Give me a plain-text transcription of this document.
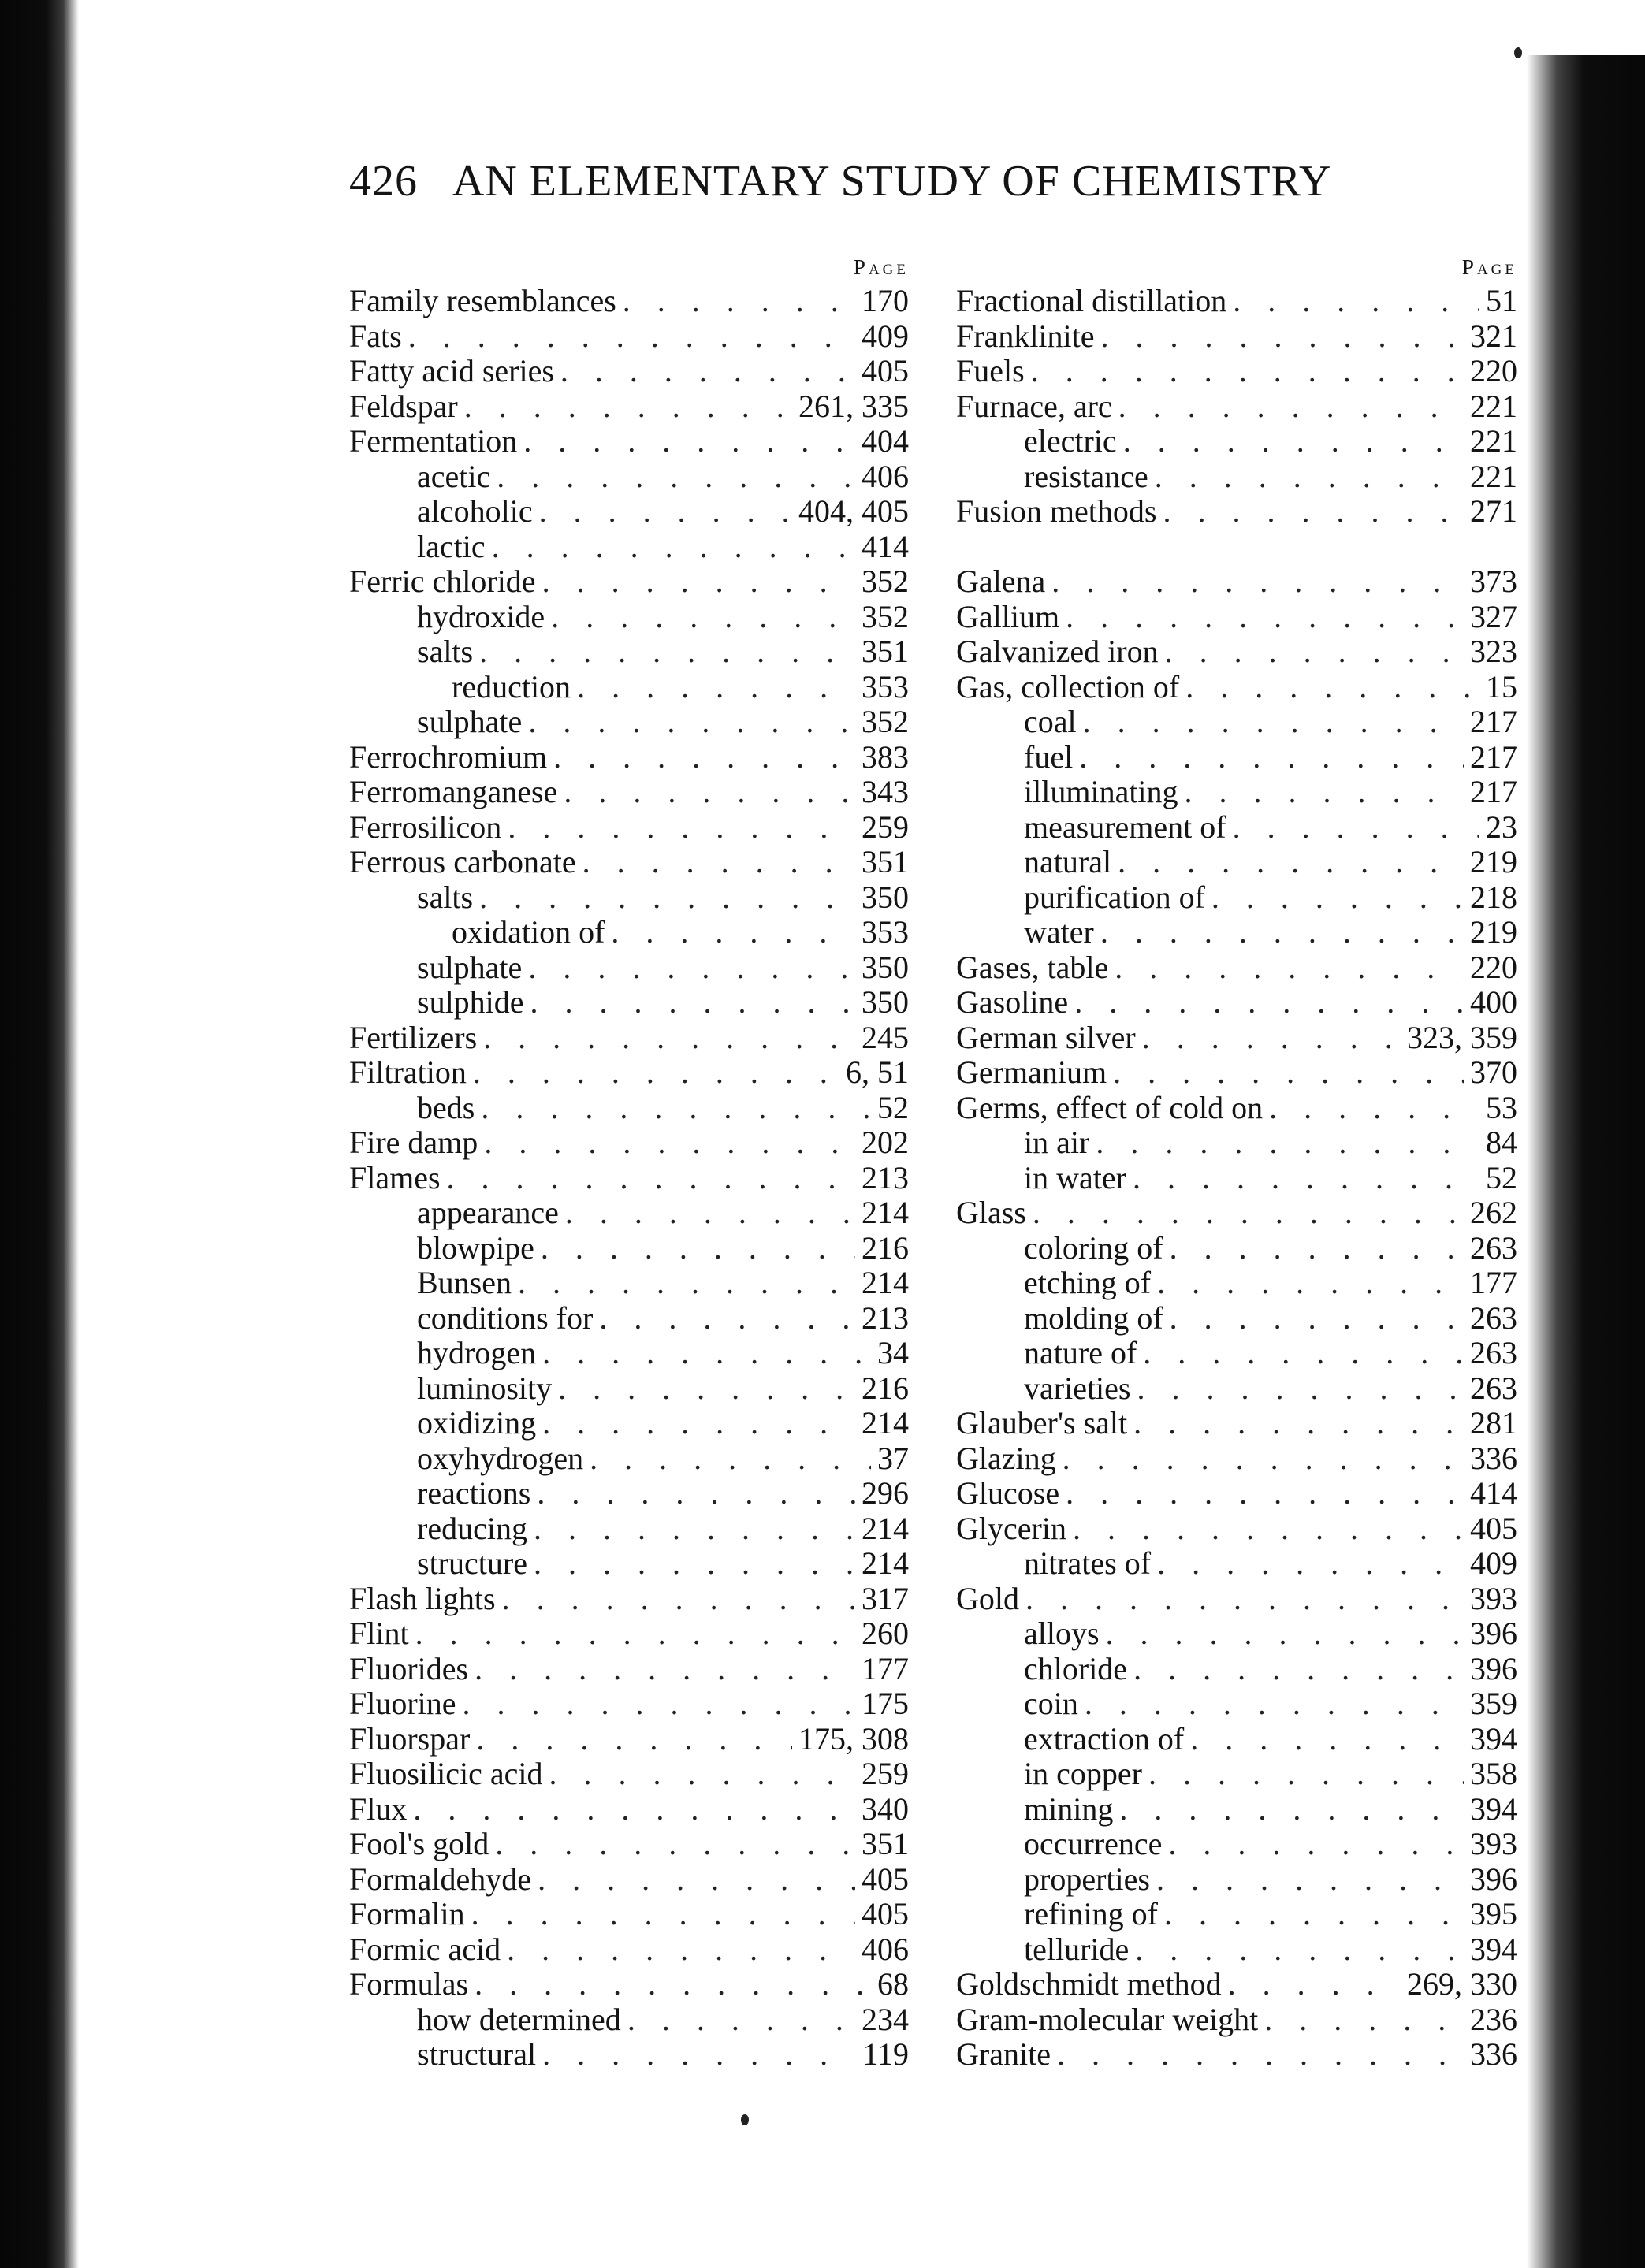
426 AN ELEMENTARY STUDY OF CHEMISTRY
Page
Family resemblances . . .	170
Fats . . .	409
Fatty acid series . . .	405
Feldspar . . .	261, 335
Fermentation . . .	404
acetic . . .	406
alcoholic . . .	404, 405
lactic . . .	414
Ferric chloride . . .	352
hydroxide . . .	352
salts . . .	351
reduction . . .	353
sulphate . . .	352
Ferrochromium . . .	383
Ferromanganese . . .	343
Ferrosilicon . . .	259
Ferrous carbonate . . .	351
salts . . .	350
oxidation of . . .	353
sulphate . . .	350
sulphide . . .	350
Fertilizers . . .	245
Filtration . . .	6, 51
beds . . .	52
Fire damp . . .	202
Flames . . .	213
appearance . . .	214
blowpipe . . .	216
Bunsen . . .	214
conditions for . . .	213
hydrogen . . .	34
luminosity . . .	216
oxidizing . . .	214
oxyhydrogen . . .	37
reactions . . .	296
reducing . . .	214
structure . . .	214
Flash lights . . .	317
Flint . . .	260
Fluorides . . .	177
Fluorine . . .	175
Fluorspar . . .	175, 308
Fluosilicic acid . . .	259
Flux . . .	340
Fool's gold . . .	351
Formaldehyde . . .	405
Formalin . . .	405
Formic acid . . .	406
Formulas . . .	68
how determined . . .	234
structural . . .	119
Page
Fractional distillation . . .	51
Franklinite . . .	321
Fuels . . .	220
Furnace, arc . . .	221
electric . . .	221
resistance . . .	221
Fusion methods . . .	271
Galena . . .	373
Gallium . . .	327
Galvanized iron . . .	323
Gas, collection of . . .	15
coal . . .	217
fuel . . .	217
illuminating . . .	217
measurement of . . .	23
natural . . .	219
purification of . . .	218
water . . .	219
Gases, table . . .	220
Gasoline . . .	400
German silver . . .	323, 359
Germanium . . .	370
Germs, effect of cold on . . .	53
in air . . .	84
in water . . .	52
Glass . . .	262
coloring of . . .	263
etching of . . .	177
molding of . . .	263
nature of . . .	263
varieties . . .	263
Glauber's salt . . .	281
Glazing . . .	336
Glucose . . .	414
Glycerin . . .	405
nitrates of . . .	409
Gold . . .	393
alloys . . .	396
chloride . . .	396
coin . . .	359
extraction of . . .	394
in copper . . .	358
mining . . .	394
occurrence . . .	393
properties . . .	396
refining of . . .	395
telluride . . .	394
Goldschmidt method . . .	269, 330
Gram-molecular weight . . .	236
Granite . . .	336
